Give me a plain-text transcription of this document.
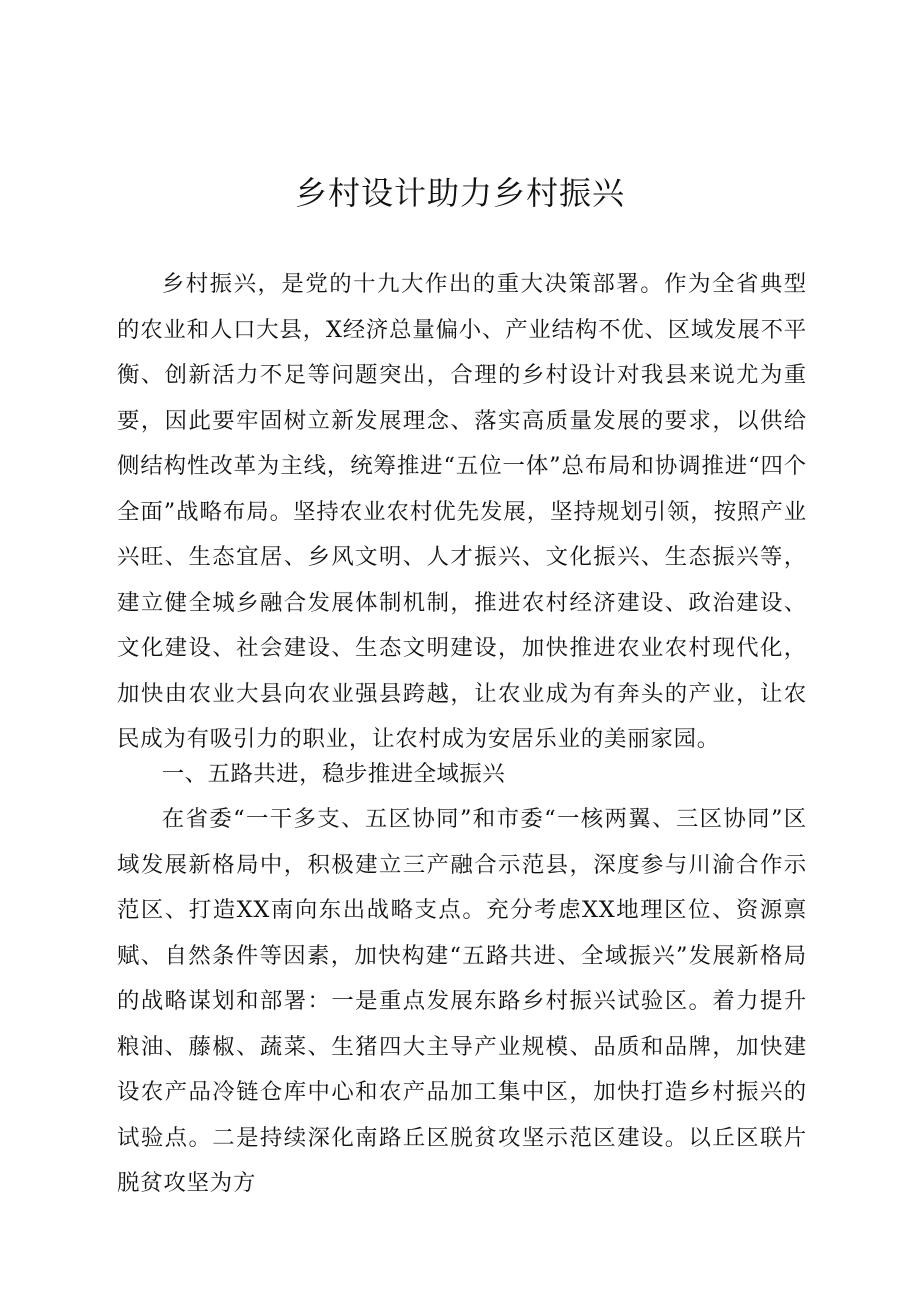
乡村设计助力乡村振兴

乡村振兴，是党的十九大作出的重大决策部署。作为全省典型的农业和人口大县，X经济总量偏小、产业结构不优、区域发展不平衡、创新活力不足等问题突出，合理的乡村设计对我县来说尤为重要，因此要牢固树立新发展理念、落实高质量发展的要求，以供给侧结构性改革为主线，统筹推进“五位一体”总布局和协调推进“四个全面”战略布局。坚持农业农村优先发展，坚持规划引领，按照产业兴旺、生态宜居、乡风文明、人才振兴、文化振兴、生态振兴等，建立健全城乡融合发展体制机制，推进农村经济建设、政治建设、文化建设、社会建设、生态文明建设，加快推进农业农村现代化，加快由农业大县向农业强县跨越，让农业成为有奔头的产业，让农民成为有吸引力的职业，让农村成为安居乐业的美丽家园。

一、五路共进，稳步推进全域振兴

在省委“一干多支、五区协同”和市委“一核两翼、三区协同”区域发展新格局中，积极建立三产融合示范县，深度参与川渝合作示范区、打造XX南向东出战略支点。充分考虑XX地理区位、资源禀赋、自然条件等因素，加快构建“五路共进、全域振兴”发展新格局的战略谋划和部署：一是重点发展东路乡村振兴试验区。着力提升粮油、藤椒、蔬菜、生猪四大主导产业规模、品质和品牌，加快建设农产品冷链仓库中心和农产品加工集中区，加快打造乡村振兴的试验点。二是持续深化南路丘区脱贫攻坚示范区建设。以丘区联片脱贫攻坚为方
